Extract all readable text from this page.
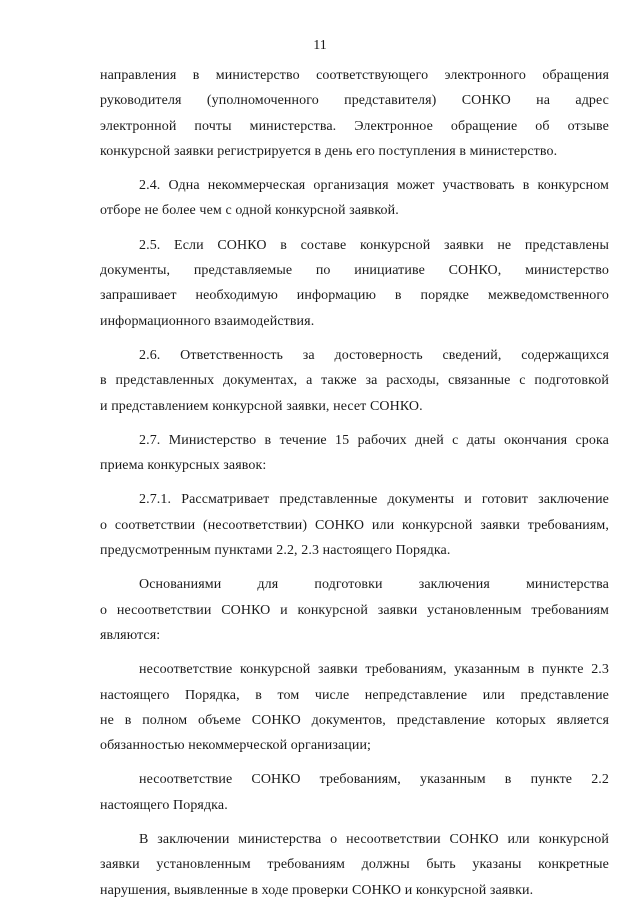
11

направления в министерство соответствующего электронного обращения
руководителя (уполномоченного представителя) СОНКО на адрес
электронной почты министерства. Электронное обращение об отзыве
конкурсной заявки регистрируется в день его поступления в министерство.

2.4. Одна некоммерческая организация может участвовать в конкурсном
отборе не более чем с одной конкурсной заявкой.

2.5. Если СОНКО в составе конкурсной заявки не представлены
документы, представляемые по инициативе СОНКО, министерство
запрашивает необходимую информацию в порядке межведомственного
информационного взаимодействия.

2.6. Ответственность за достоверность сведений, содержащихся
в представленных документах, а также за расходы, связанные с подготовкой
и представлением конкурсной заявки, несет СОНКО.

2.7. Министерство в течение 15 рабочих дней с даты окончания срока
приема конкурсных заявок:

2.7.1. Рассматривает представленные документы и готовит заключение
о соответствии (несоответствии) СОНКО или конкурсной заявки требованиям,
предусмотренным пунктами 2.2, 2.3 настоящего Порядка.

Основаниями для подготовки заключения министерства
о несоответствии СОНКО и конкурсной заявки установленным требованиям
являются:

несоответствие конкурсной заявки требованиям, указанным в пункте 2.3
настоящего Порядка, в том числе непредставление или представление
не в полном объеме СОНКО документов, представление которых является
обязанностью некоммерческой организации;

несоответствие СОНКО требованиям, указанным в пункте 2.2
настоящего Порядка.

В заключении министерства о несоответствии СОНКО или конкурсной
заявки установленным требованиям должны быть указаны конкретные
нарушения, выявленные в ходе проверки СОНКО и конкурсной заявки.
